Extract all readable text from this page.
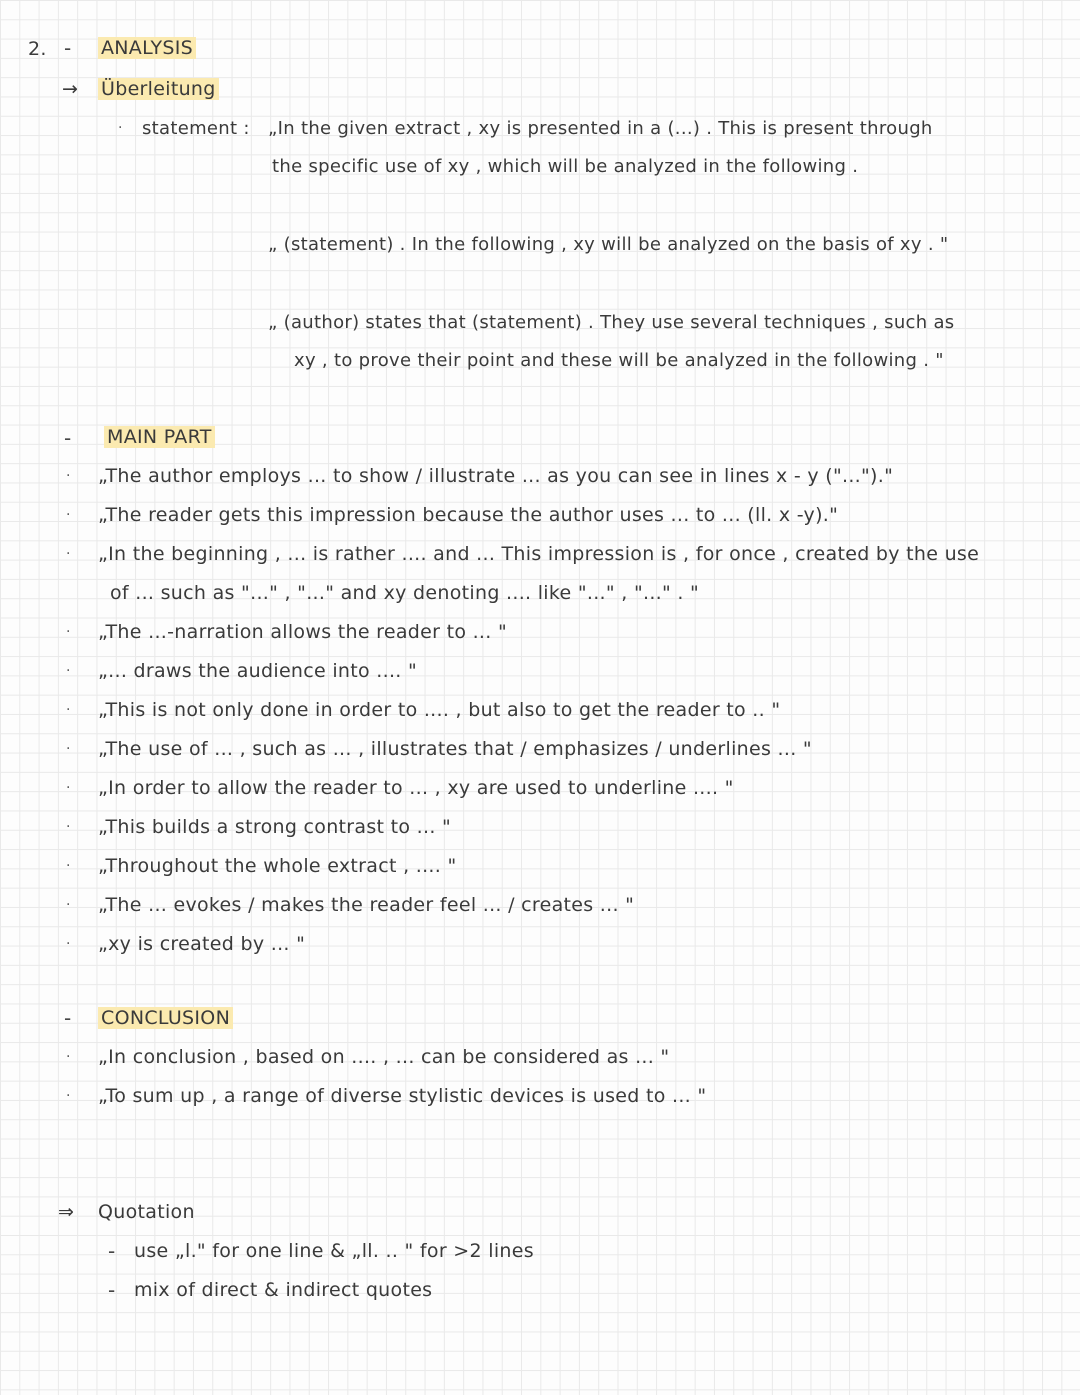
2. - ANALYSIS
→ Überleitung
· statement : „In the given extract , xy is presented in a (...) . This is present through
the specific use of xy , which will be analyzed in the following .
„ (statement) . In the following , xy will be analyzed on the basis of xy . "
„ (author) states that (statement) . They use several techniques , such as
xy , to prove their point and these will be analyzed in the following . "
- MAIN PART
· „The author employs ... to show / illustrate ... as you can see in lines x - y ("...")."
· „The reader gets this impression because the author uses ... to ... (ll. x -y)."
· „In the beginning , ... is rather .... and ... This impression is , for once , created by the use
of ... such as "..." , "..." and xy denoting .... like "..." , "..." . "
· „The ...-narration allows the reader to ... "
· „... draws the audience into .... "
· „This is not only done in order to .... , but also to get the reader to .. "
· „The use of ... , such as ... , illustrates that / emphasizes / underlines ... "
· „In order to allow the reader to ... , xy are used to underline .... "
· „This builds a strong contrast to ... "
· „Throughout the whole extract , .... "
· „The ... evokes / makes the reader feel ... / creates ... "
· „xy is created by ... "
- CONCLUSION
· „In conclusion , based on .... , ... can be considered as ... "
· „To sum up , a range of diverse stylistic devices is used to ... "
⇒ Quotation
- use „l." for one line & „ll. .. " for >2 lines
- mix of direct & indirect quotes
